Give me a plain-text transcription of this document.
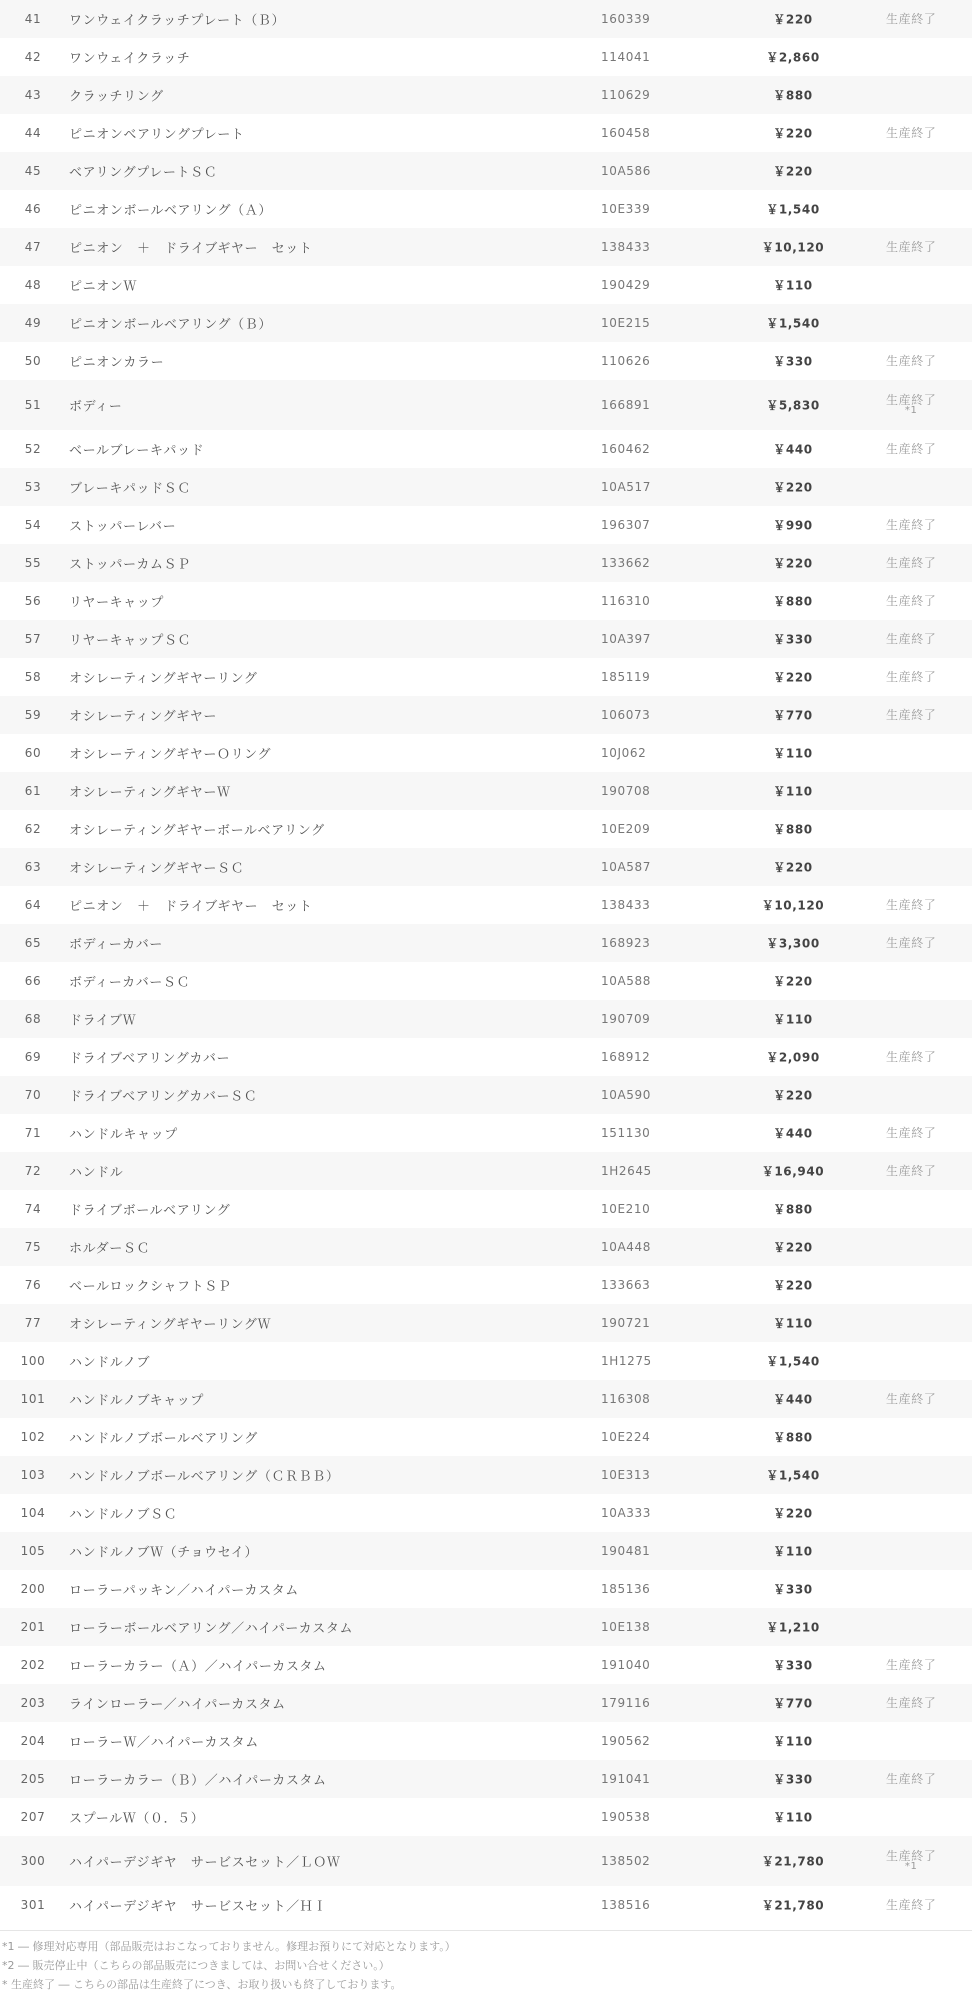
41	ワンウェイクラッチプレート（Ｂ）	160339	￥220	生産終了
42	ワンウェイクラッチ	114041	￥2,860
43	クラッチリング	110629	￥880
44	ピニオンベアリングプレート	160458	￥220	生産終了
45	ベアリングプレートＳＣ	10A586	￥220
46	ピニオンボールベアリング（Ａ）	10E339	￥1,540
47	ピニオン　＋　ドライブギヤー　セット	138433	￥10,120	生産終了
48	ピニオンＷ	190429	￥110
49	ピニオンボールベアリング（Ｂ）	10E215	￥1,540
50	ピニオンカラー	110626	￥330	生産終了
51	ボディー	166891	￥5,830	生産終了
*1
52	ベールブレーキパッド	160462	￥440	生産終了
53	ブレーキパッドＳＣ	10A517	￥220
54	ストッパーレバー	196307	￥990	生産終了
55	ストッパーカムＳＰ	133662	￥220	生産終了
56	リヤーキャップ	116310	￥880	生産終了
57	リヤーキャップＳＣ	10A397	￥330	生産終了
58	オシレーティングギヤーリング	185119	￥220	生産終了
59	オシレーティングギヤー	106073	￥770	生産終了
60	オシレーティングギヤーＯリング	10J062	￥110
61	オシレーティングギヤーＷ	190708	￥110
62	オシレーティングギヤーボールベアリング	10E209	￥880
63	オシレーティングギヤーＳＣ	10A587	￥220
64	ピニオン　＋　ドライブギヤー　セット	138433	￥10,120	生産終了
65	ボディーカバー	168923	￥3,300	生産終了
66	ボディーカバーＳＣ	10A588	￥220
68	ドライブＷ	190709	￥110
69	ドライブベアリングカバー	168912	￥2,090	生産終了
70	ドライブベアリングカバーＳＣ	10A590	￥220
71	ハンドルキャップ	151130	￥440	生産終了
72	ハンドル	1H2645	￥16,940	生産終了
74	ドライブボールベアリング	10E210	￥880
75	ホルダーＳＣ	10A448	￥220
76	ベールロックシャフトＳＰ	133663	￥220
77	オシレーティングギヤーリングＷ	190721	￥110
100	ハンドルノブ	1H1275	￥1,540
101	ハンドルノブキャップ	116308	￥440	生産終了
102	ハンドルノブボールベアリング	10E224	￥880
103	ハンドルノブボールベアリング（ＣＲＢＢ）	10E313	￥1,540
104	ハンドルノブＳＣ	10A333	￥220
105	ハンドルノブＷ（チョウセイ）	190481	￥110
200	ローラーパッキン／ハイパーカスタム	185136	￥330
201	ローラーボールベアリング／ハイパーカスタム	10E138	￥1,210
202	ローラーカラー（Ａ）／ハイパーカスタム	191040	￥330	生産終了
203	ラインローラー／ハイパーカスタム	179116	￥770	生産終了
204	ローラーＷ／ハイパーカスタム	190562	￥110
205	ローラーカラー（Ｂ）／ハイパーカスタム	191041	￥330	生産終了
207	スプールＷ（０．５）	190538	￥110
300	ハイパーデジギヤ　サービスセット／ＬＯＷ	138502	￥21,780	生産終了
*1
301	ハイパーデジギヤ　サービスセット／ＨＩ	138516	￥21,780	生産終了
*1 ― 修理対応専用（部品販売はおこなっておりません。修理お預りにて対応となります。）
*2 ― 販売停止中（こちらの部品販売につきましては、お問い合せください。）
* 生産終了 ― こちらの部品は生産終了につき、お取り扱いも終了しております。
